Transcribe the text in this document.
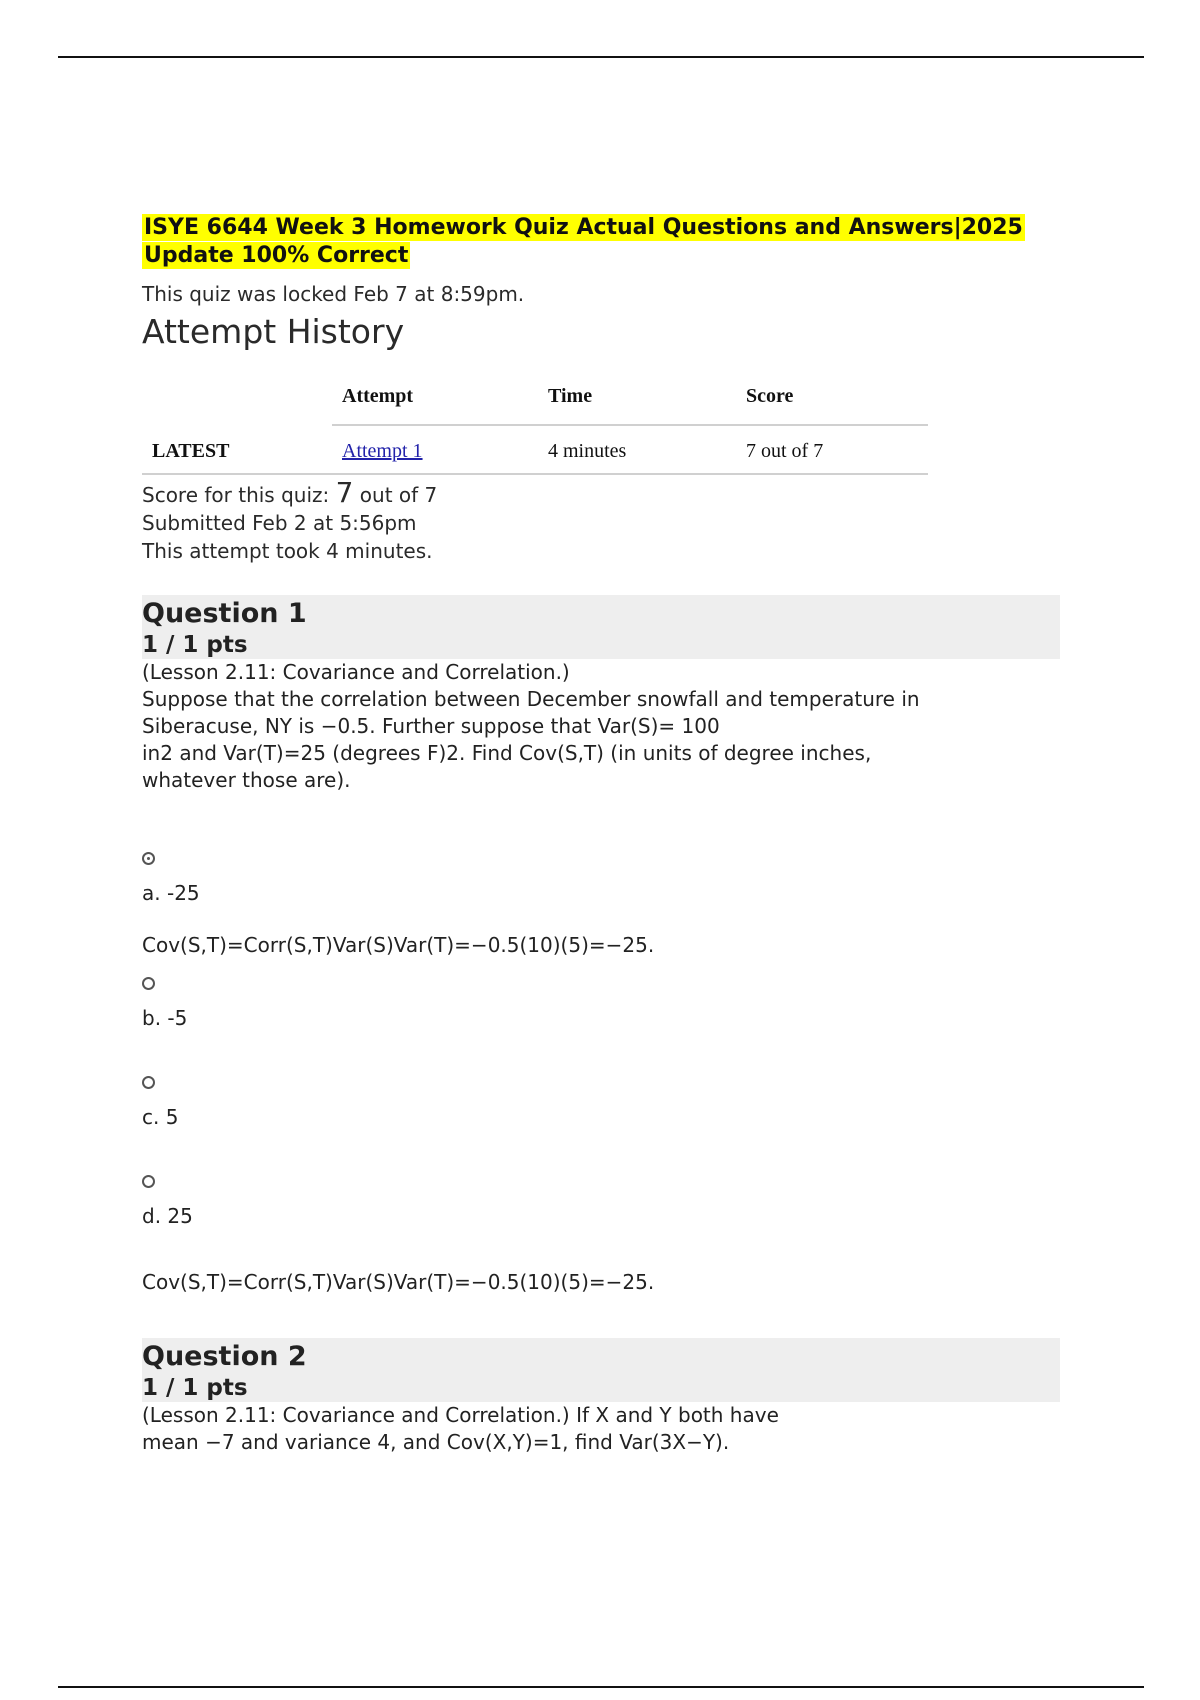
ISYE 6644 Week 3 Homework Quiz Actual Questions and Answers|2025
Update 100% Correct
This quiz was locked Feb 7 at 8:59pm.
Attempt History
	Attempt	Time	Score
LATEST	Attempt 1	4 minutes	7 out of 7
Score for this quiz: 7 out of 7
Submitted Feb 2 at 5:56pm
This attempt took 4 minutes.
Question 1
1 / 1 pts
(Lesson 2.11: Covariance and Correlation.)
Suppose that the correlation between December snowfall and temperature in
Siberacuse, NY is −0.5. Further suppose that Var(S)= 100
in2 and Var(T)=25 (degrees F)2. Find Cov(S,T) (in units of degree inches,
whatever those are).
a. -25
Cov(S,T)=Corr(S,T)Var(S)Var(T)=−0.5(10)(5)=−25.
b. -5
c. 5
d. 25
Cov(S,T)=Corr(S,T)Var(S)Var(T)=−0.5(10)(5)=−25.
Question 2
1 / 1 pts
(Lesson 2.11: Covariance and Correlation.) If X and Y both have
mean −7 and variance 4, and Cov(X,Y)=1, find Var(3X−Y).
